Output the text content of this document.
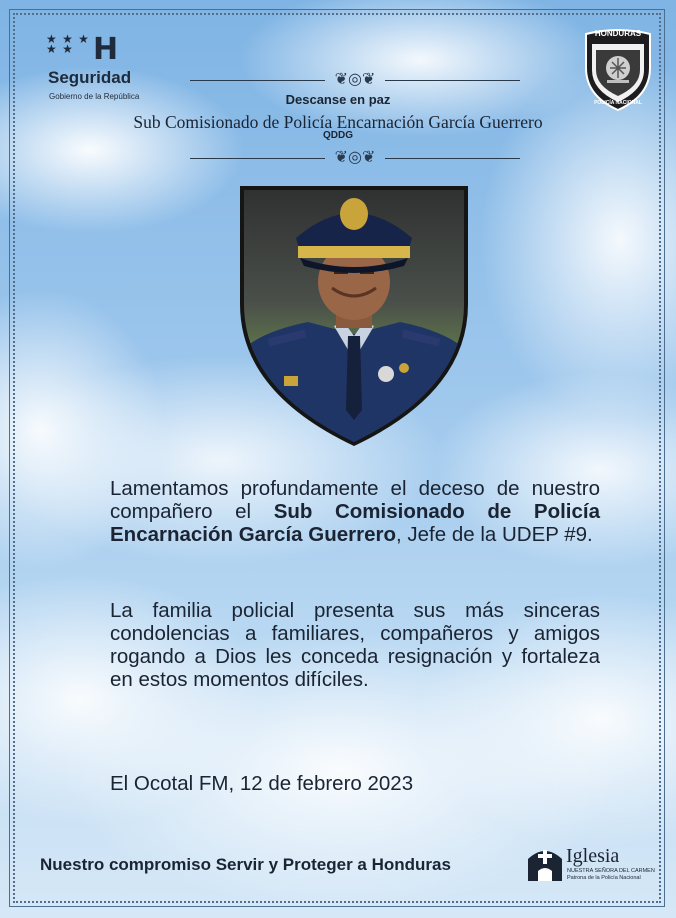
★ ★ ★
★ ★ H
Seguridad
Gobierno de la República
HONDURAS
POLICÍA NACIONAL
❦◎❦
Descanse en paz
Sub Comisionado de Policía Encarnación García Guerrero
QDDG
❦◎❦
Lamentamos profundamente el deceso de nuestro compañero el Sub Comisionado de Policía Encarnación García Guerrero, Jefe de la UDEP #9.
La familia policial presenta sus más sinceras condolencias a familiares, compañeros y amigos rogando a Dios les conceda resignación y fortaleza en estos momentos difíciles.
El Ocotal FM, 12 de febrero 2023
Nuestro compromiso Servir y Proteger a Honduras	Iglesia
NUESTRA SEÑORA DEL CARMEN
Patrona de la Policía Nacional
